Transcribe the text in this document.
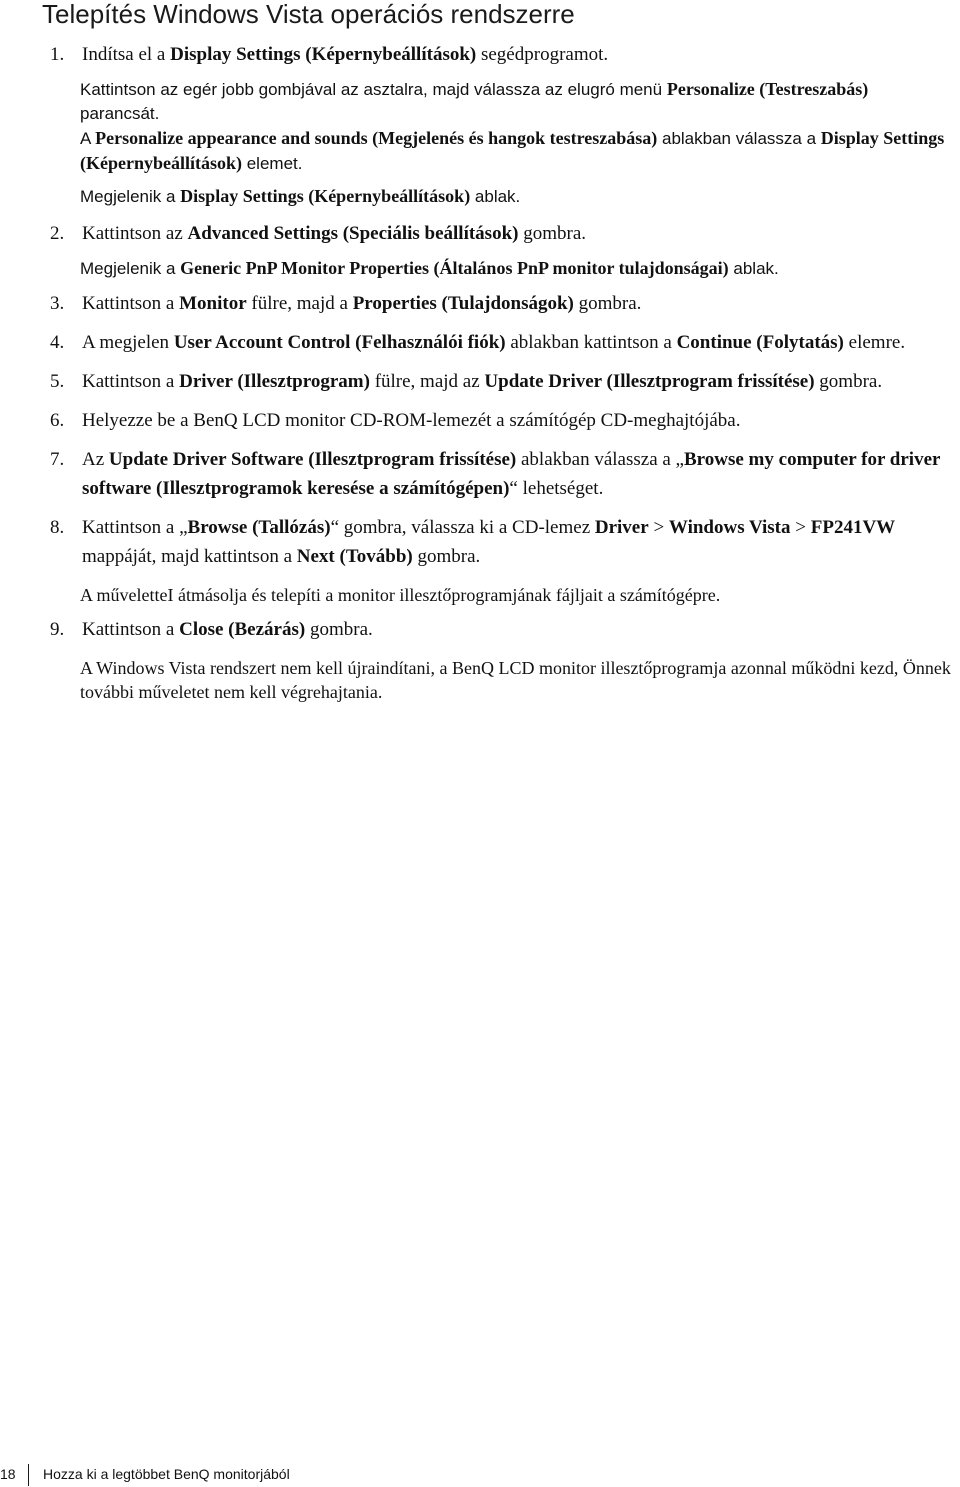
Telepítés Windows Vista operációs rendszerre
1. Indítsa el a Display Settings (Képernybeállítások) segédprogramot.
Kattintson az egér jobb gombjával az asztalra, majd válassza az elugró menü Personalize (Testreszabás) parancsát.
A Personalize appearance and sounds (Megjelenés és hangok testreszabása) ablakban válassza a Display Settings (Képernybeállítások) elemet.
Megjelenik a Display Settings (Képernybeállítások) ablak.
2. Kattintson az Advanced Settings (Speciális beállítások) gombra.
Megjelenik a Generic PnP Monitor Properties (Általános PnP monitor tulajdonságai) ablak.
3. Kattintson a Monitor fülre, majd a Properties (Tulajdonságok) gombra.
4. A megjelen User Account Control (Felhasználói fiók) ablakban kattintson a Continue (Folytatás) elemre.
5. Kattintson a Driver (Illesztprogram) fülre, majd az Update Driver (Illesztprogram frissítése) gombra.
6. Helyezze be a BenQ LCD monitor CD-ROM-lemezét a számítógép CD-meghajtójába.
7. Az Update Driver Software (Illesztprogram frissítése) ablakban válassza a „Browse my computer for driver software (Illesztprogramok keresése a számítógépen)“ lehetséget.
8. Kattintson a „Browse (Tallózás)“ gombra, válassza ki a CD-lemez Driver > Windows Vista > FP241VW mappáját, majd kattintson a Next (Tovább) gombra.
A műveletteI átmásolja és telepíti a monitor illesztőprogramjának fájljait a számítógépre.
9. Kattintson a Close (Bezárás) gombra.
A Windows Vista rendszert nem kell újraindítani, a BenQ LCD monitor illesztőprogramja azonnal működni kezd, Önnek további műveletet nem kell végrehajtania.
18 Hozza ki a legtöbbet BenQ monitorjából
